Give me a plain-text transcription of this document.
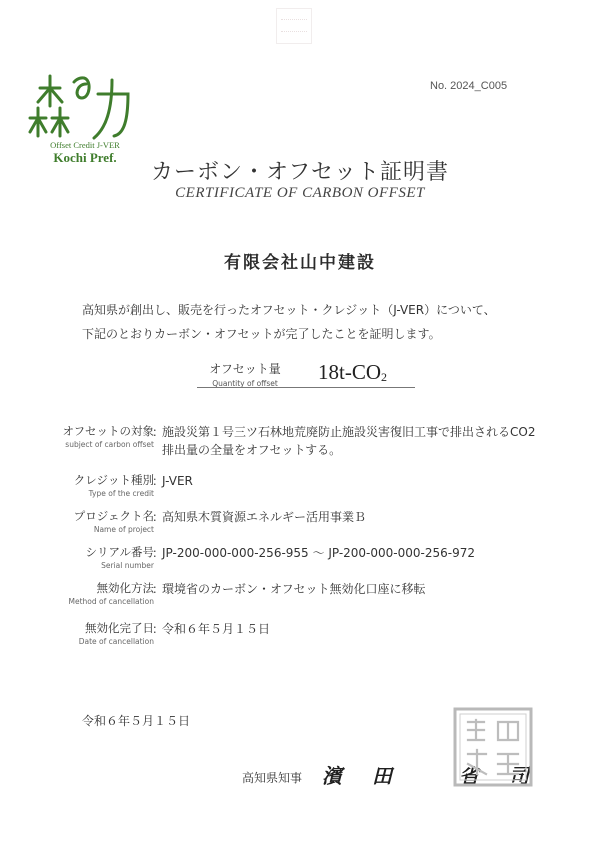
Offset Credit J-VER
Kochi Pref.
No. 2024_C005
カーボン・オフセット証明書
CERTIFICATE OF CARBON OFFSET
有限会社山中建設
高知県が創出し、販売を行ったオフセット・クレジット（J-VER）について、
下記のとおりカーボン・オフセットが完了したことを証明します。
オフセット量
Quantity of offset	$18t-CO_2$
オフセットの対象
subject of carbon offset
：
施設災第１号三ツ石林地荒廃防止施設災害復旧工事で排出されるCO2
排出量の全量をオフセットする。
クレジット種別
Type of the credit
：
J-VER
プロジェクト名
Name of project
：
高知県木質資源エネルギー活用事業Ｂ
シリアル番号
Serial number
：
JP-200-000-000-256-955 ～ JP-200-000-000-256-972
無効化方法
Method of cancellation
：
環境省のカーボン・オフセット無効化口座に移転
無効化完了日
Date of cancellation
：
令和６年５月１５日
令和６年５月１５日
高知県知事 濱田 省司
